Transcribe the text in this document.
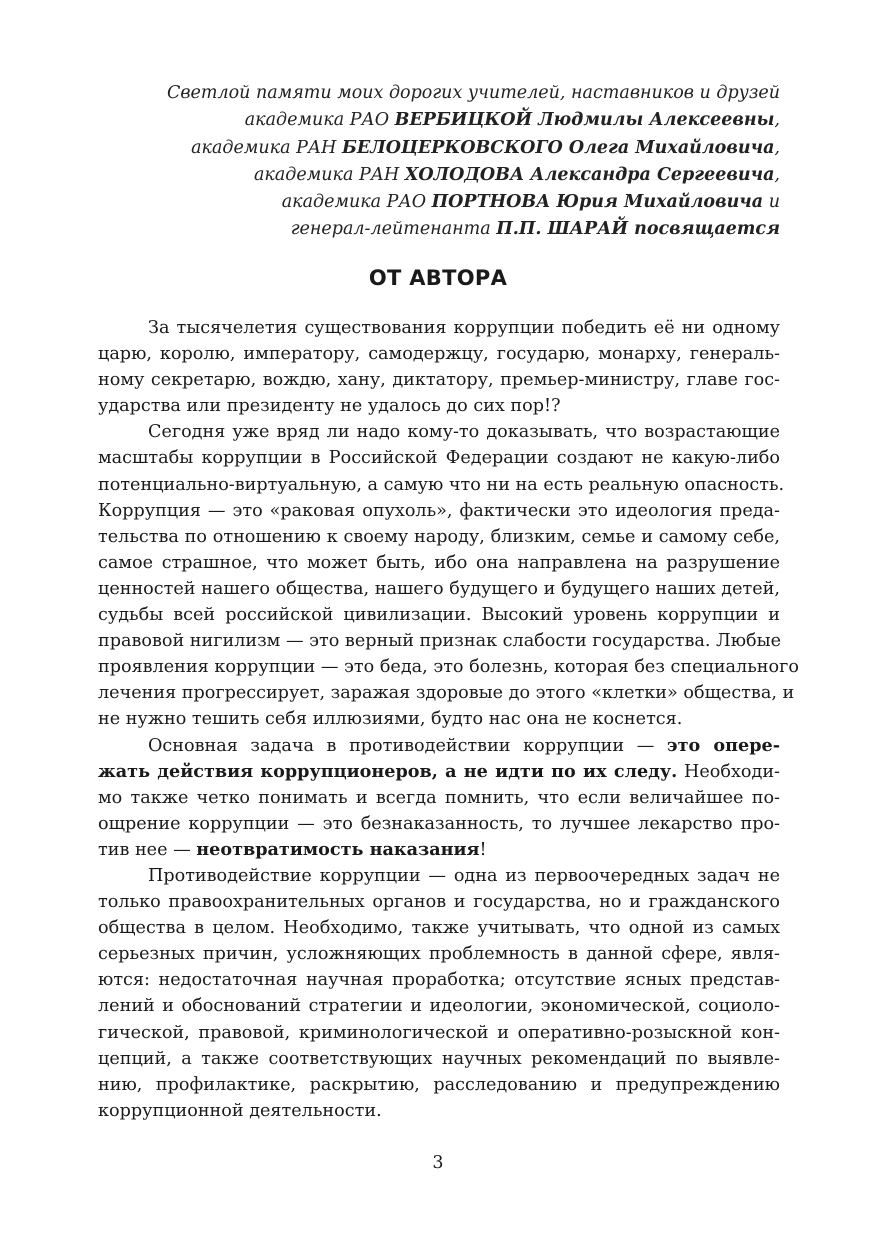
Светлой памяти моих дорогих учителей, наставников и друзей
академика РАО ВЕРБИЦКОЙ Людмилы Алексеевны,
академика РАН БЕЛОЦЕРКОВСКОГО Олега Михайловича,
академика РАН ХОЛОДОВА Александра Сергеевича,
академика РАО ПОРТНОВА Юрия Михайловича и
генерал-лейтенанта П.П. ШАРАЙ посвящается
ОТ АВТОРА
За тысячелетия существования коррупции победить её ни одному
царю, королю, императору, самодержцу, государю, монарху, генераль-
ному секретарю, вождю, хану, диктатору, премьер-министру, главе гос-
ударства или президенту не удалось до сих пор!?
Сегодня уже вряд ли надо кому-то доказывать, что возрастающие
масштабы коррупции в Российской Федерации создают не какую-либо
потенциально-виртуальную, а самую что ни на есть реальную опасность.
Коррупция — это «раковая опухоль», фактически это идеология преда-
тельства по отношению к своему народу, близким, семье и самому себе,
самое страшное, что может быть, ибо она направлена на разрушение
ценностей нашего общества, нашего будущего и будущего наших детей,
судьбы всей российской цивилизации. Высокий уровень коррупции и
правовой нигилизм — это верный признак слабости государства. Любые
проявления коррупции — это беда, это болезнь, которая без специального
лечения прогрессирует, заражая здоровые до этого «клетки» общества, и
не нужно тешить себя иллюзиями, будто нас она не коснется.
Основная задача в противодействии коррупции — это опере-
жать действия коррупционеров, а не идти по их следу. Необходи-
мо также четко понимать и всегда помнить, что если величайшее по-
ощрение коррупции — это безнаказанность, то лучшее лекарство про-
тив нее — неотвратимость наказания!
Противодействие коррупции — одна из первоочередных задач не
только правоохранительных органов и государства, но и гражданского
общества в целом. Необходимо, также учитывать, что одной из самых
серьезных причин, усложняющих проблемность в данной сфере, явля-
ются: недостаточная научная проработка; отсутствие ясных представ-
лений и обоснований стратегии и идеологии, экономической, социоло-
гической, правовой, криминологической и оперативно-розыскной кон-
цепций, а также соответствующих научных рекомендаций по выявле-
нию, профилактике, раскрытию, расследованию и предупреждению
коррупционной деятельности.
3
